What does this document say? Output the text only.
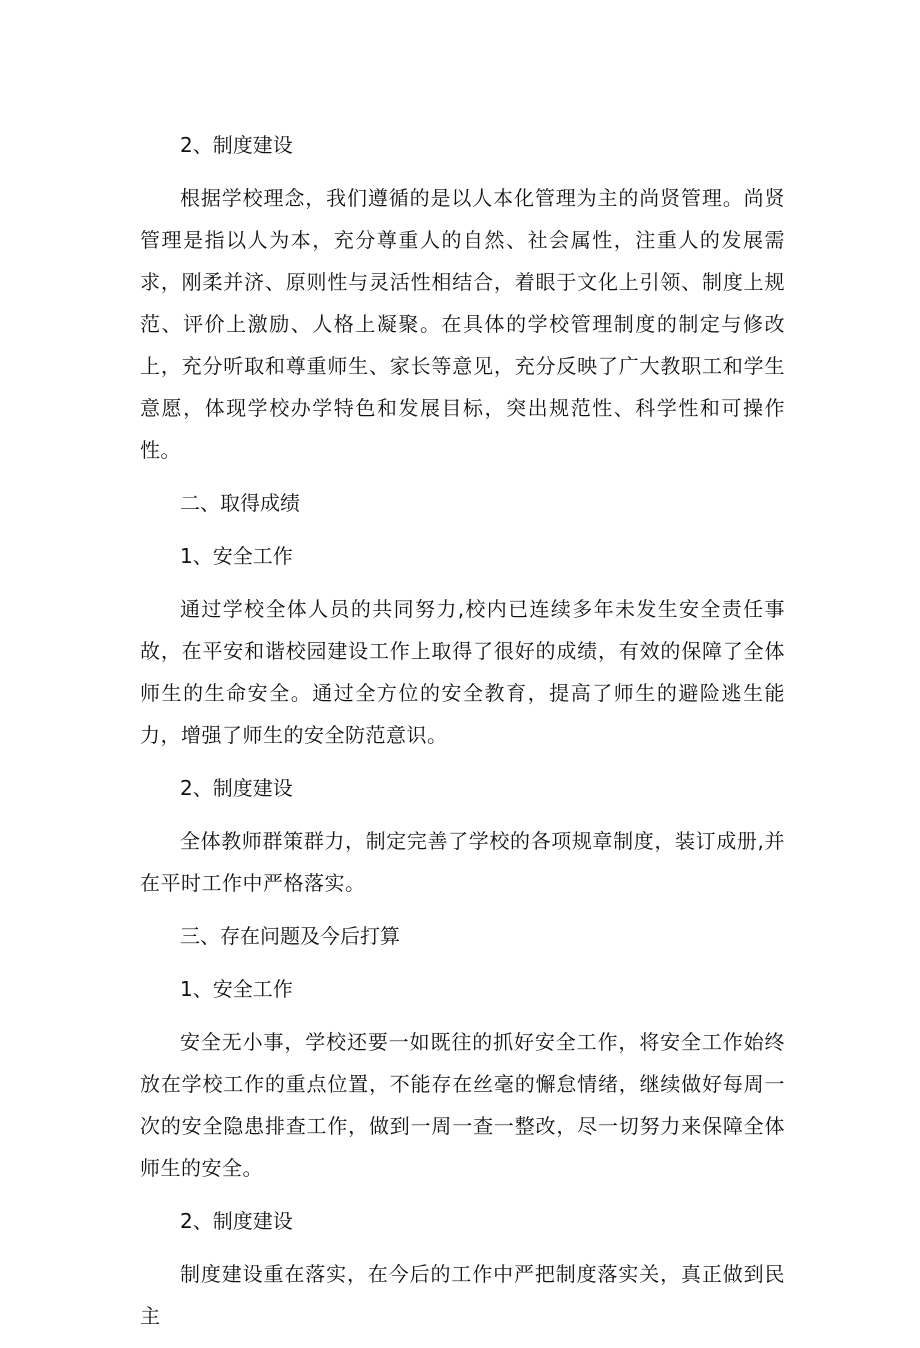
2、制度建设

根据学校理念，我们遵循的是以人本化管理为主的尚贤管理。尚贤管理是指以人为本，充分尊重人的自然、社会属性，注重人的发展需求，刚柔并济、原则性与灵活性相结合，着眼于文化上引领、制度上规范、评价上激励、人格上凝聚。在具体的学校管理制度的制定与修改上，充分听取和尊重师生、家长等意见，充分反映了广大教职工和学生意愿，体现学校办学特色和发展目标，突出规范性、科学性和可操作性。

二、取得成绩

1、安全工作

通过学校全体人员的共同努力,校内已连续多年未发生安全责任事故，在平安和谐校园建设工作上取得了很好的成绩，有效的保障了全体师生的生命安全。通过全方位的安全教育，提高了师生的避险逃生能力，增强了师生的安全防范意识。

2、制度建设

全体教师群策群力，制定完善了学校的各项规章制度，装订成册,并在平时工作中严格落实。

三、存在问题及今后打算

1、安全工作

安全无小事，学校还要一如既往的抓好安全工作，将安全工作始终放在学校工作的重点位置，不能存在丝毫的懈怠情绪，继续做好每周一次的安全隐患排查工作，做到一周一查一整改，尽一切努力来保障全体师生的安全。

2、制度建设

制度建设重在落实，在今后的工作中严把制度落实关，真正做到民主
